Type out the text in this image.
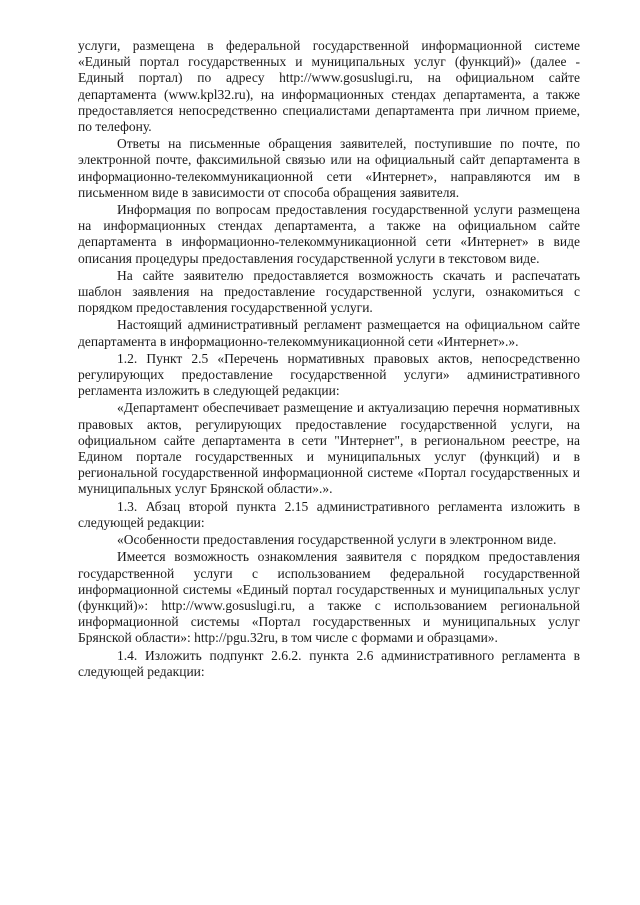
услуги, размещена в федеральной государственной информационной системе «Единый портал государственных и муниципальных услуг (функций)» (далее - Единый портал) по адресу http://www.gosuslugi.ru, на официальном сайте департамента (www.kpl32.ru), на информационных стендах департамента, а также предоставляется непосредственно специалистами департамента при личном приеме, по телефону.

Ответы на письменные обращения заявителей, поступившие по почте, по электронной почте, факсимильной связью или на официальный сайт департамента в информационно-телекоммуникационной сети «Интернет», направляются им в письменном виде в зависимости от способа обращения заявителя.

Информация по вопросам предоставления государственной услуги размещена на информационных стендах департамента, а также на официальном сайте департамента в информационно-телекоммуникационной сети «Интернет» в виде описания процедуры предоставления государственной услуги в текстовом виде.

На сайте заявителю предоставляется возможность скачать и распечатать шаблон заявления на предоставление государственной услуги, ознакомиться с порядком предоставления государственной услуги.

Настоящий административный регламент размещается на официальном сайте департамента в информационно-телекоммуникационной сети «Интернет».».

1.2. Пункт 2.5 «Перечень нормативных правовых актов, непосредственно регулирующих предоставление государственной услуги» административного регламента изложить в следующей редакции:

«Департамент обеспечивает размещение и актуализацию перечня нормативных правовых актов, регулирующих предоставление государственной услуги, на официальном сайте департамента в сети "Интернет", в региональном реестре, на Едином портале государственных и муниципальных услуг (функций) и в региональной государственной информационной системе «Портал государственных и муниципальных услуг Брянской области».».

1.3. Абзац второй пункта 2.15 административного регламента изложить в следующей редакции:

«Особенности предоставления государственной услуги в электронном виде.

Имеется возможность ознакомления заявителя с порядком предоставления государственной услуги с использованием федеральной государственной информационной системы «Единый портал государственных и муниципальных услуг (функций)»: http://www.gosuslugi.ru, а также с использованием региональной информационной системы «Портал государственных и муниципальных услуг Брянской области»: http://pgu.32ru, в том числе с формами и образцами».

1.4. Изложить подпункт 2.6.2. пункта 2.6 административного регламента в следующей редакции:
